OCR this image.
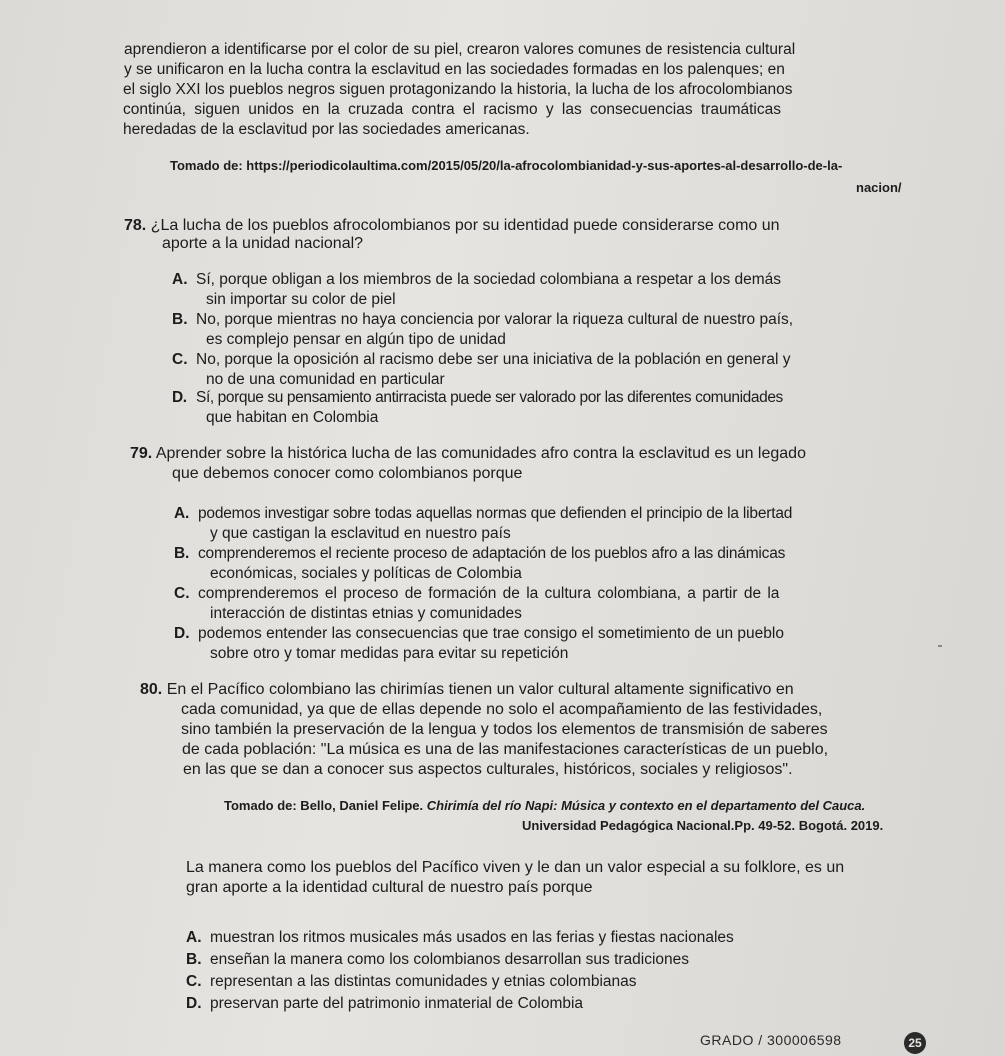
aprendieron a identificarse por el color de su piel, crearon valores comunes de resistencia cultural
y se unificaron en la lucha contra la esclavitud en las sociedades formadas en los palenques; en
el siglo XXI los pueblos negros siguen protagonizando la historia, la lucha de los afrocolombianos
continúa, siguen unidos en la cruzada contra el racismo y las consecuencias traumáticas
heredadas de la esclavitud por las sociedades americanas.
Tomado de: https://periodicolaultima.com/2015/05/20/la-afrocolombianidad-y-sus-aportes-al-desarrollo-de-la-
nacion/
78. ¿La lucha de los pueblos afrocolombianos por su identidad puede considerarse como un
aporte a la unidad nacional?
A. Sí, porque obligan a los miembros de la sociedad colombiana a respetar a los demás
sin importar su color de piel
B. No, porque mientras no haya conciencia por valorar la riqueza cultural de nuestro país,
es complejo pensar en algún tipo de unidad
C. No, porque la oposición al racismo debe ser una iniciativa de la población en general y
no de una comunidad en particular
D. Sí, porque su pensamiento antirracista puede ser valorado por las diferentes comunidades
que habitan en Colombia
79. Aprender sobre la histórica lucha de las comunidades afro contra la esclavitud es un legado
que debemos conocer como colombianos porque
A. podemos investigar sobre todas aquellas normas que defienden el principio de la libertad
y que castigan la esclavitud en nuestro país
B. comprenderemos el reciente proceso de adaptación de los pueblos afro a las dinámicas
económicas, sociales y políticas de Colombia
C. comprenderemos el proceso de formación de la cultura colombiana, a partir de la
interacción de distintas etnias y comunidades
D. podemos entender las consecuencias que trae consigo el sometimiento de un pueblo
sobre otro y tomar medidas para evitar su repetición
80. En el Pacífico colombiano las chirimías tienen un valor cultural altamente significativo en
cada comunidad, ya que de ellas depende no solo el acompañamiento de las festividades,
sino también la preservación de la lengua y todos los elementos de transmisión de saberes
de cada población: "La música es una de las manifestaciones características de un pueblo,
en las que se dan a conocer sus aspectos culturales, históricos, sociales y religiosos".
Tomado de: Bello, Daniel Felipe. Chirimía del río Napi: Música y contexto en el departamento del Cauca.
Universidad Pedagógica Nacional.Pp. 49-52. Bogotá. 2019.
La manera como los pueblos del Pacífico viven y le dan un valor especial a su folklore, es un
gran aporte a la identidad cultural de nuestro país porque
A. muestran los ritmos musicales más usados en las ferias y fiestas nacionales
B. enseñan la manera como los colombianos desarrollan sus tradiciones
C. representan a las distintas comunidades y etnias colombianas
D. preservan parte del patrimonio inmaterial de Colombia
GRADO / 300006598	25
